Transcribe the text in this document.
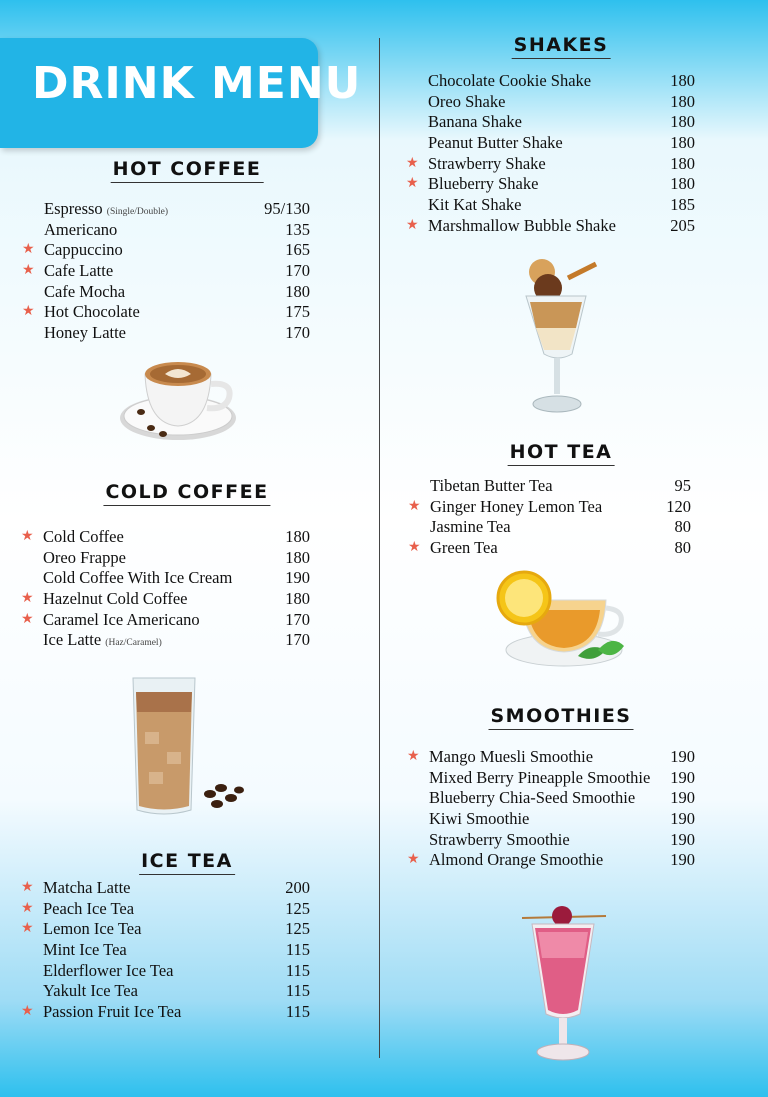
DRINK MENU
HOT COFFEE
Espresso (Single/Double)	95/130
Americano	135
★ Cappuccino	165
★ Cafe Latte	170
Cafe Mocha	180
★ Hot Chocolate	175
Honey Latte	170
COLD COFFEE
★ Cold Coffee	180
Oreo Frappe	180
Cold Coffee With Ice Cream	190
★ Hazelnut Cold Coffee	180
★ Caramel Ice Americano	170
Ice Latte (Haz/Caramel)	170
ICE TEA
★ Matcha Latte	200
★ Peach Ice Tea	125
★ Lemon Ice Tea	125
Mint Ice Tea	115
Elderflower Ice Tea	115
Yakult Ice Tea	115
★ Passion Fruit Ice Tea	115
SHAKES
Chocolate Cookie Shake	180
Oreo Shake	180
Banana Shake	180
Peanut Butter Shake	180
★ Strawberry Shake	180
★ Blueberry Shake	180
Kit Kat Shake	185
★ Marshmallow Bubble Shake	205
HOT TEA
Tibetan Butter Tea	95
★ Ginger Honey Lemon Tea	120
Jasmine Tea	80
★ Green Tea	80
SMOOTHIES
★ Mango Muesli Smoothie	190
Mixed Berry Pineapple Smoothie	190
Blueberry Chia-Seed Smoothie	190
Kiwi Smoothie	190
Strawberry Smoothie	190
★ Almond Orange Smoothie	190
